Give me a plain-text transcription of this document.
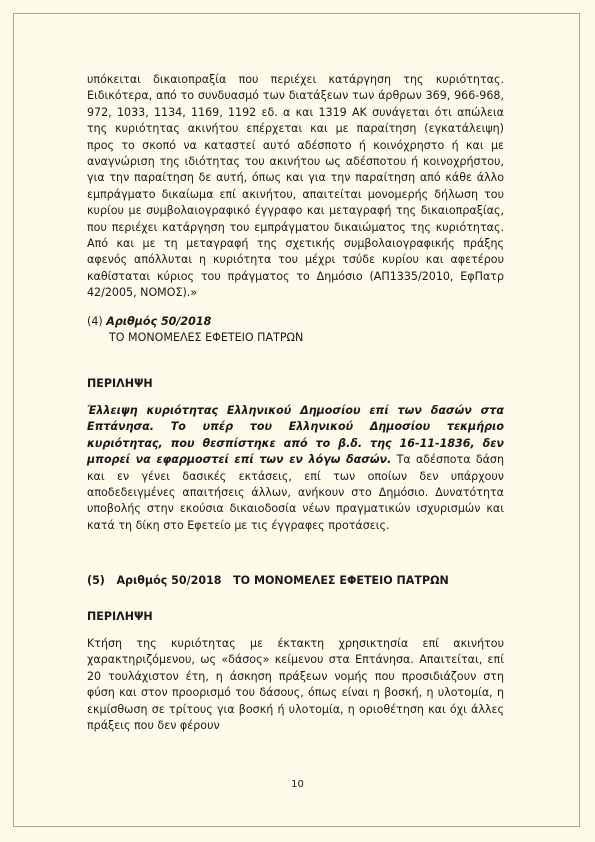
υπόκειται δικαιοπραξία που περιέχει κατάργηση της κυριότητας. Ειδικότερα, από το συνδυασμό των διατάξεων των άρθρων 369, 966-968, 972, 1033, 1134, 1169, 1192 εδ. α και 1319 ΑΚ συνάγεται ότι απώλεια της κυριότητας ακινήτου επέρχεται και με παραίτηση (εγκατάλειψη) προς το σκοπό να καταστεί αυτό αδέσποτο ή κοινόχρηστο ή και με αναγνώριση της ιδιότητας του ακινήτου ως αδέσποτου ή κοινοχρήστου, για την παραίτηση δε αυτή, όπως και για την παραίτηση από κάθε άλλο εμπράγματο δικαίωμα επί ακινήτου, απαιτείται μονομερής δήλωση του κυρίου με συμβολαιογραφικό έγγραφο και μεταγραφή της δικαιοπραξίας, που περιέχει κατάργηση του εμπράγματου δικαιώματος της κυριότητας. Από και με τη μεταγραφή της σχετικής συμβολαιογραφικής πράξης αφενός απόλλυται η κυριότητα του μέχρι τσύδε κυρίου και αφετέρου καθίσταται κύριος του πράγματος το Δημόσιο (ΑΠ1335/2010, ΕφΠατρ 42/2005, ΝΟΜΟΣ).»

(4) Αριθμός 50/2018
ΤΟ ΜΟΝΟΜΕΛΕΣ ΕΦΕΤΕΙΟ ΠΑΤΡΩΝ

ΠΕΡΙΛΗΨΗ

Έλλειψη κυριότητας Ελληνικού Δημοσίου επί των δασών στα Επτάνησα. Το υπέρ του Ελληνικού Δημοσίου τεκμήριο κυριότητας, που θεσπίστηκε από το β.δ. της 16-11-1836, δεν μπορεί να εφαρμοστεί επί των εν λόγω δασών. Τα αδέσποτα δάση και εν γένει δασικές εκτάσεις, επί των οποίων δεν υπάρχουν αποδεδειγμένες απαιτήσεις άλλων, ανήκουν στο Δημόσιο. Δυνατότητα υποβολής στην εκούσια δικαιοδοσία νέων πραγματικών ισχυρισμών και κατά τη δίκη στο Εφετείο με τις έγγραφες προτάσεις.

(5)   Αριθμός 50/2018   ΤΟ ΜΟΝΟΜΕΛΕΣ ΕΦΕΤΕΙΟ ΠΑΤΡΩΝ

ΠΕΡΙΛΗΨΗ

Κτήση της κυριότητας με έκτακτη χρησικτησία επί ακινήτου χαρακτηριζόμενου, ως «δάσος» κείμενου στα Επτάνησα. Απαιτείται, επί 20 τουλάχιστον έτη, η άσκηση πράξεων νομής που προσιδιάζουν στη φύση και στον προορισμό του δάσους, όπως είναι η βοσκή, η υλοτομία, η εκμίσθωση σε τρίτους για βοσκή ή υλοτομία, η οριοθέτηση και όχι άλλες πράξεις που δεν φέρουν

10
